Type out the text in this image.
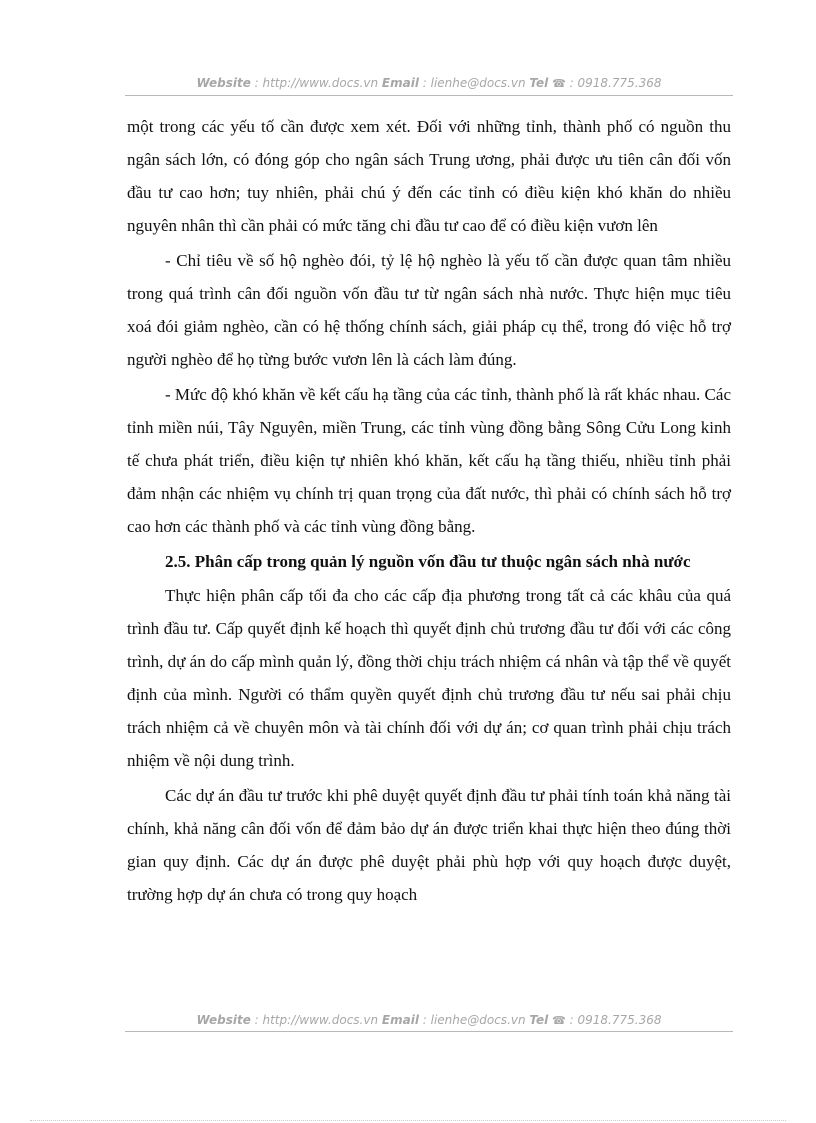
Website : http://www.docs.vn Email : lienhe@docs.vn Tel ☎ : 0918.775.368

một trong các yếu tố cần được xem xét. Đối với những tỉnh, thành phố có nguồn thu ngân sách lớn, có đóng góp cho ngân sách Trung ương, phải được ưu tiên cân đối vốn đầu tư cao hơn; tuy nhiên, phải chú ý đến các tỉnh có điều kiện khó khăn do nhiều nguyên nhân thì cần phải có mức tăng chi đầu tư cao để có điều kiện vươn lên

- Chỉ tiêu về số hộ nghèo đói, tỷ lệ hộ nghèo là yếu tố cần được quan tâm nhiều trong quá trình cân đối nguồn vốn đầu tư từ ngân sách nhà nước. Thực hiện mục tiêu xoá đói giảm nghèo, cần có hệ thống chính sách, giải pháp cụ thể, trong đó việc hỗ trợ người nghèo để họ từng bước vươn lên là cách làm đúng.

- Mức độ khó khăn về kết cấu hạ tầng của các tỉnh, thành phố là rất khác nhau. Các tỉnh miền núi, Tây Nguyên, miền Trung, các tỉnh vùng đồng bằng Sông Cửu Long kinh tế chưa phát triển, điều kiện tự nhiên khó khăn, kết cấu hạ tầng thiếu, nhiều tỉnh phải đảm nhận các nhiệm vụ chính trị quan trọng của đất nước, thì phải có chính sách hỗ trợ cao hơn các thành phố và các tỉnh vùng đồng bằng.

2.5. Phân cấp trong quản lý nguồn vốn đầu tư thuộc ngân sách nhà nước

Thực hiện phân cấp tối đa cho các cấp địa phương trong tất cả các khâu của quá trình đầu tư. Cấp quyết định kế hoạch thì quyết định chủ trương đầu tư đối với các công trình, dự án do cấp mình quản lý, đồng thời chịu trách nhiệm cá nhân và tập thể về quyết định của mình. Người có thẩm quyền quyết định chủ trương đầu tư nếu sai phải chịu trách nhiệm cả về chuyên môn và tài chính đối với dự án; cơ quan trình phải chịu trách nhiệm về nội dung trình.

Các dự án đầu tư trước khi phê duyệt quyết định đầu tư phải tính toán khả năng tài chính, khả năng cân đối vốn để đảm bảo dự án được triển khai thực hiện theo đúng thời gian quy định. Các dự án được phê duyệt phải phù hợp với quy hoạch được duyệt, trường hợp dự án chưa có trong quy hoạch

Website : http://www.docs.vn Email : lienhe@docs.vn Tel ☎ : 0918.775.368
